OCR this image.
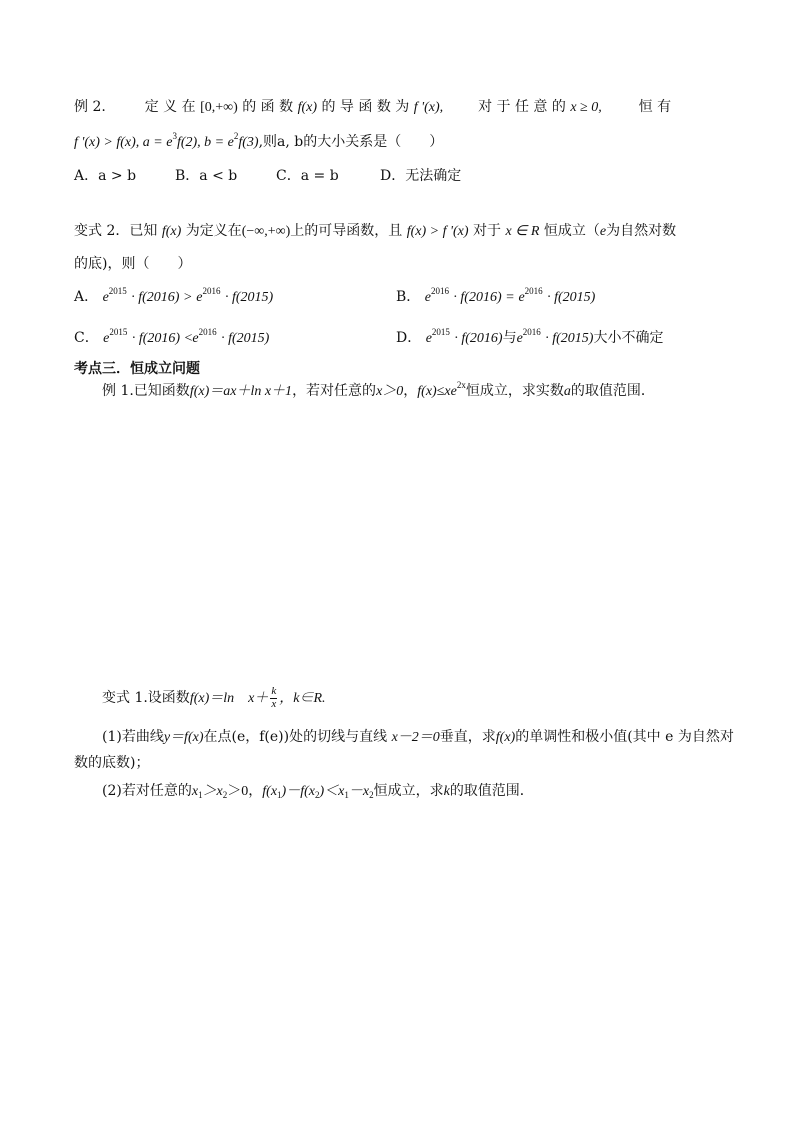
例 2.	定 义 在 [0,+∞) 的 函 数 f(x) 的 导 函 数 为 f '(x), 对 于 任 意 的 x ≥ 0,	恒 有
f '(x) > f(x), $a = e^3f(2)$, $b = e^2f(3)$,则a, b的大小关系是（　　）
A．a > b	B．a < b	C．a = b	D．无法确定
变式 2．已知 f(x) 为定义在(−∞,+∞)上的可导函数，且 f(x) > f '(x) 对于 x ∈ R 恒成立（e为自然对数
的底)，则（　　）
A． $e^{2015} \cdot f(2016) > e^{2016} \cdot f(2015)$	B． $e^{2016} \cdot f(2016) = e^{2016} \cdot f(2015)$
C． $e^{2015} \cdot f(2016) <e^{2016} \cdot f(2015)$	D． $e^{2015} \cdot f(2016)$与$e^{2016} \cdot f(2015)$大小不确定
考点三．恒成立问题
例 1.已知函数f(x)＝ax＋ln x＋1，若对任意的x＞0，$f(x)\le xe^{2x}$恒成立，求实数a的取值范围．
变式 1.设函数f(x)＝ln　$x+ \frac{k}{x}$ ，k∈R.
(1)若曲线y＝f(x)在点(e，f(e))处的切线与直线 x－2＝0垂直，求f(x)的单调性和极小值(其中 e 为自然对
数的底数)；
(2)若对任意的$x_1>x_2>0$，$f(x_1)-f(x_2)<x_1-x_2$恒成立，求k的取值范围．
